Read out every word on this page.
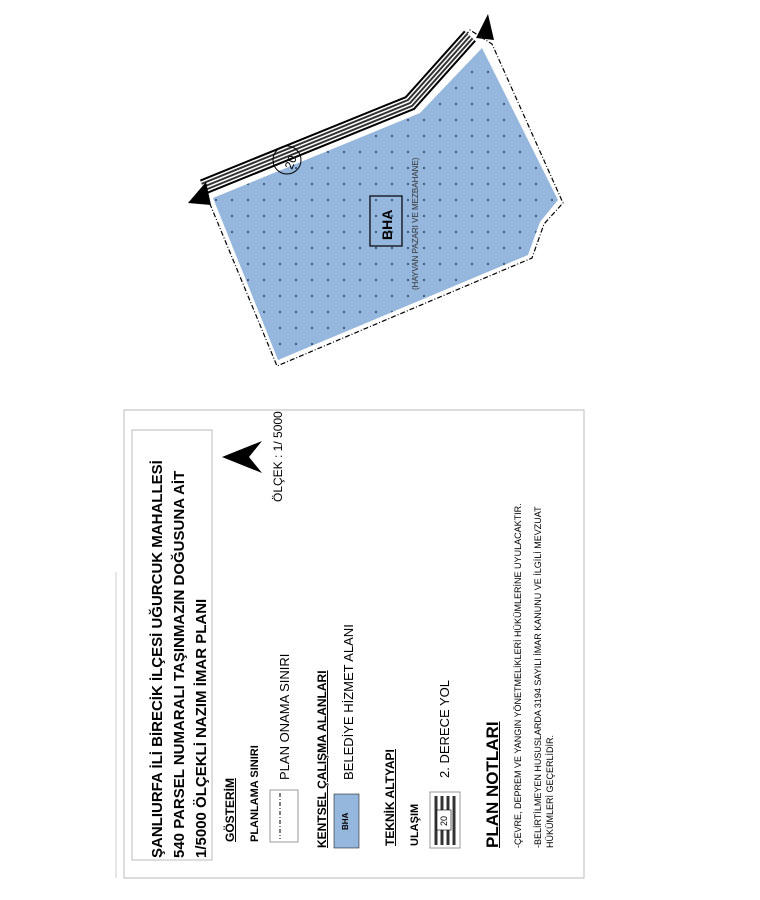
20
BHA (HAYVAN PAZARI VE MEZBAHANE)
ŞANLIURFA İLİ BİRECİK İLÇESİ UĞURCUK MAHALLESİ 540 PARSEL NUMARALI TAŞINMAZIN DOĞUSUNA AİT 1/5000 ÖLÇEKLİ NAZIM İMAR PLANI
ÖLÇEK : 1/ 5000
GÖSTERİM PLANLAMA SINIRI
PLAN ONAMA SINIRI KENTSEL ÇALIŞMA ALANLARI BHA
BELEDİYE HİZMET ALANI
TEKNİK ALTYAPI ULAŞIM 20
2. DERECE YOL PLAN NOTLARI -ÇEVRE, DEPREM VE YANGIN YÖNETMELİKLERİ HÜKÜMLERİNE UYULACAKTIR. -BELİRTİLMEYEN HUSUSLARDA 3194 SAYILI İMAR KANUNU VE İLGİLİ MEVZUAT HÜKÜMLERİ GEÇERLİDİR.
